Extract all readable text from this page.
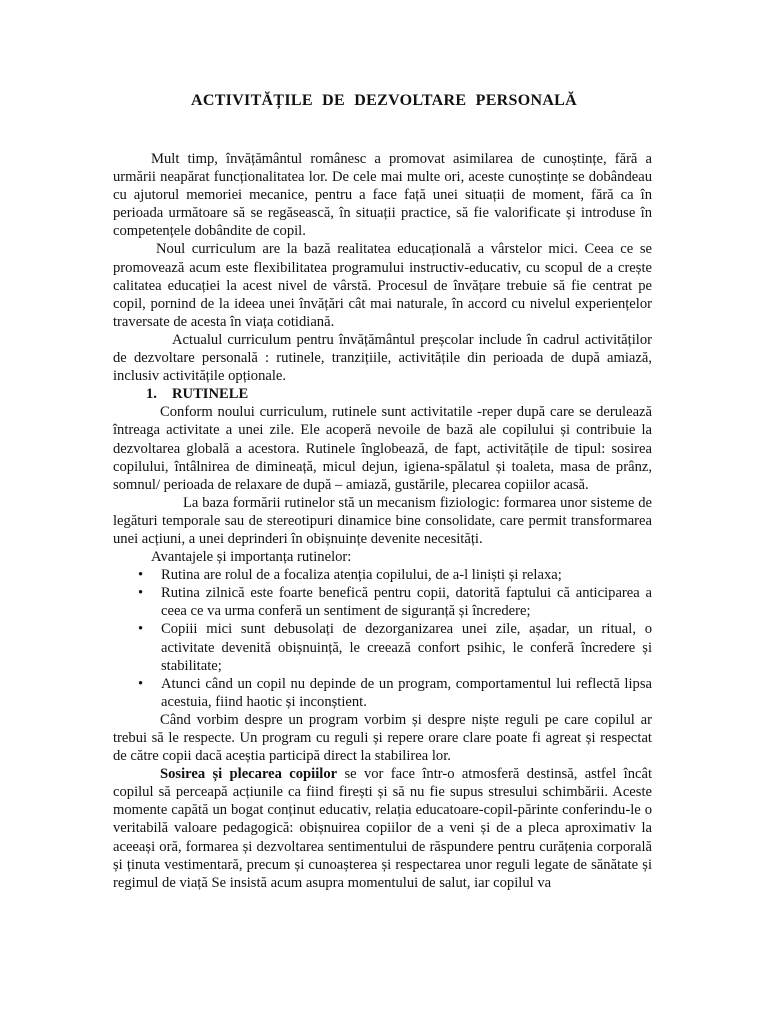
ACTIVITĂȚILE DE DEZVOLTARE PERSONALĂ

Mult timp, învățământul românesc a promovat asimilarea de cunoștințe, fără a urmării neapărat funcționalitatea lor. De cele mai multe ori, aceste cunoștințe se dobândeau cu ajutorul memoriei mecanice, pentru a face față unei situații de moment, fără ca în perioada următoare să se regăsească, în situații practice, să fie valorificate și introduse în competențele dobândite de copil.

Noul curriculum are la bază realitatea educațională a vârstelor mici. Ceea ce se promovează acum este flexibilitatea programului instructiv-educativ, cu scopul de a crește calitatea educației la acest nivel de vârstă. Procesul de învățare trebuie să fie centrat pe copil, pornind de la ideea unei învățări cât mai naturale, în accord cu nivelul experiențelor traversate de acesta în viața cotidiană.

Actualul curriculum pentru învățământul preșcolar include în cadrul activităților de dezvoltare personală : rutinele, tranzițiile, activitățile din perioada de după amiază, inclusiv activitățile opționale.

1. RUTINELE

Conform noului curriculum, rutinele sunt activitatile -reper după care se derulează întreaga activitate a unei zile. Ele acoperă nevoile de bază ale copilului și contribuie la dezvoltarea globală a acestora. Rutinele înglobează, de fapt, activitățile de tipul: sosirea copilului, întâlnirea de dimineață, micul dejun, igiena-spălatul și toaleta, masa de prânz, somnul/ perioada de relaxare de după – amiază, gustările, plecarea copiilor acasă.

La baza formării rutinelor stă un mecanism fiziologic: formarea unor sisteme de legături temporale sau de stereotipuri dinamice bine consolidate, care permit transformarea unei acțiuni, a unei deprinderi în obișnuințe devenite necesități.

Avantajele și importanța rutinelor:

• Rutina are rolul de a focaliza atenția copilului, de a-l liniști și relaxa;
• Rutina zilnică este foarte benefică pentru copii, datorită faptului că anticiparea a ceea ce va urma conferă un sentiment de siguranță și încredere;
• Copiii mici sunt debusolați de dezorganizarea unei zile, așadar, un ritual, o activitate devenită obișnuință, le creează confort psihic, le conferă încredere și stabilitate;
• Atunci când un copil nu depinde de un program, comportamentul lui reflectă lipsa acestuia, fiind haotic și inconștient.

Când vorbim despre un program vorbim și despre niște reguli pe care copilul ar trebui să le respecte. Un program cu reguli și repere orare clare poate fi agreat și respectat de către copii dacă aceștia participă direct la stabilirea lor.

Sosirea și plecarea copiilor se vor face într-o atmosferă destinsă, astfel încât copilul să perceapă acțiunile ca fiind firești și să nu fie supus stresului schimbării. Aceste momente capătă un bogat conținut educativ, relația educatoare-copil-părinte conferindu-le o veritabilă valoare pedagogică: obișnuirea copiilor de a veni și de a pleca aproximativ la aceeași oră, formarea și dezvoltarea sentimentului de răspundere pentru curățenia corporală și ținuta vestimentară, precum și cunoașterea și respectarea unor reguli legate de sănătate și regimul de viață Se insistă acum asupra momentului de salut, iar copilul va
